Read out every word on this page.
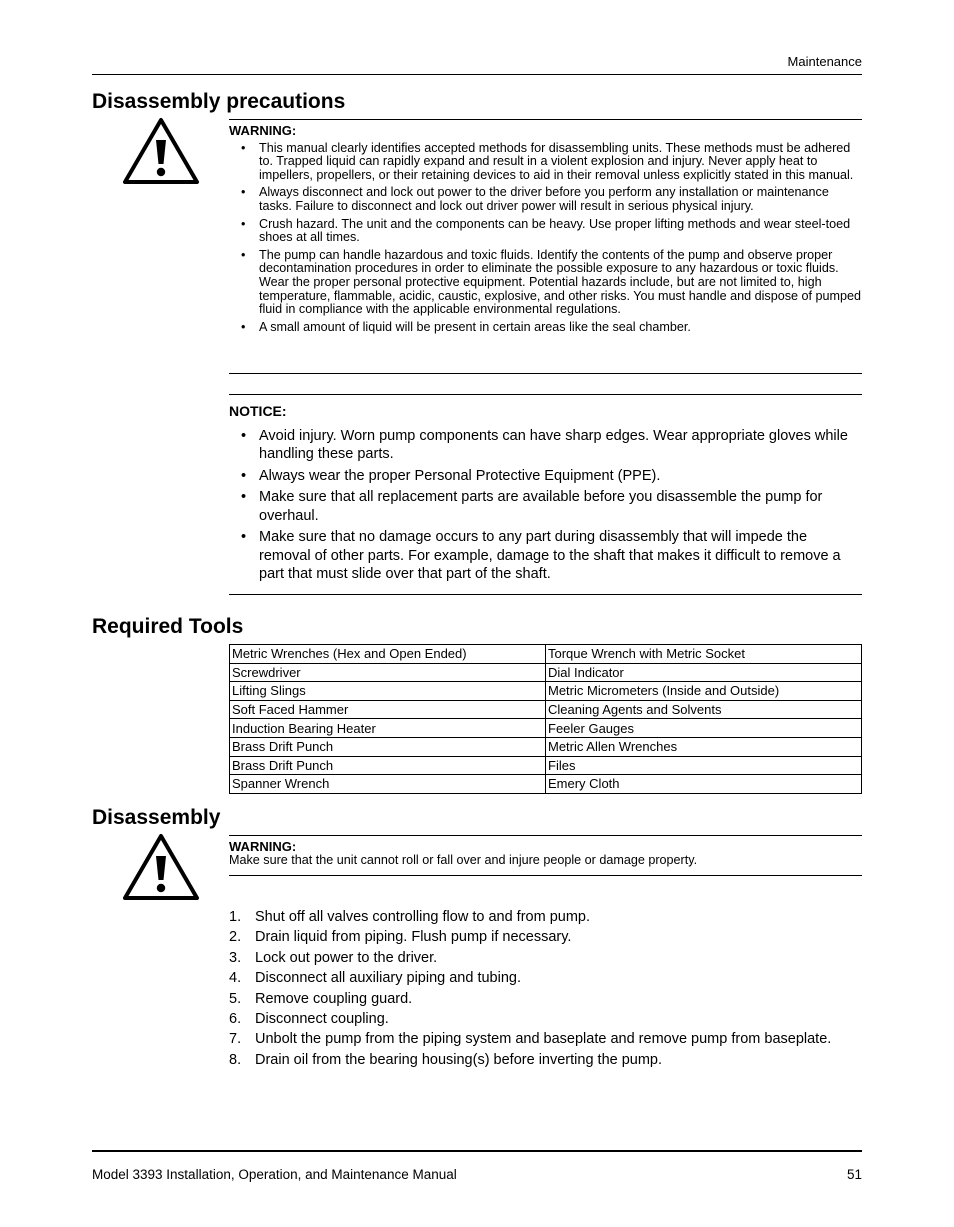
Maintenance
Disassembly precautions
WARNING:
• This manual clearly identifies accepted methods for disassembling units. These methods must be adhered to. Trapped liquid can rapidly expand and result in a violent explosion and injury. Never apply heat to impellers, propellers, or their retaining devices to aid in their removal unless explicitly stated in this manual.
• Always disconnect and lock out power to the driver before you perform any installation or maintenance tasks. Failure to disconnect and lock out driver power will result in serious physical injury.
• Crush hazard. The unit and the components can be heavy. Use proper lifting methods and wear steel-toed shoes at all times.
• The pump can handle hazardous and toxic fluids. Identify the contents of the pump and observe proper decontamination procedures in order to eliminate the possible exposure to any hazardous or toxic fluids. Wear the proper personal protective equipment. Potential hazards include, but are not limited to, high temperature, flammable, acidic, caustic, explosive, and other risks. You must handle and dispose of pumped fluid in compliance with the applicable environmental regulations.
• A small amount of liquid will be present in certain areas like the seal chamber.
NOTICE:
• Avoid injury. Worn pump components can have sharp edges. Wear appropriate gloves while handling these parts.
• Always wear the proper Personal Protective Equipment (PPE).
• Make sure that all replacement parts are available before you disassemble the pump for overhaul.
• Make sure that no damage occurs to any part during disassembly that will impede the removal of other parts. For example, damage to the shaft that makes it difficult to remove a part that must slide over that part of the shaft.
Required Tools
Metric Wrenches (Hex and Open Ended)	Torque Wrench with Metric Socket
Screwdriver	Dial Indicator
Lifting Slings	Metric Micrometers (Inside and Outside)
Soft Faced Hammer	Cleaning Agents and Solvents
Induction Bearing Heater	Feeler Gauges
Brass Drift Punch	Metric Allen Wrenches
Brass Drift Punch	Files
Spanner Wrench	Emery Cloth
Disassembly
WARNING:
Make sure that the unit cannot roll or fall over and injure people or damage property.
1. Shut off all valves controlling flow to and from pump.
2. Drain liquid from piping. Flush pump if necessary.
3. Lock out power to the driver.
4. Disconnect all auxiliary piping and tubing.
5. Remove coupling guard.
6. Disconnect coupling.
7. Unbolt the pump from the piping system and baseplate and remove pump from baseplate.
8. Drain oil from the bearing housing(s) before inverting the pump.
Model 3393 Installation, Operation, and Maintenance Manual	51
